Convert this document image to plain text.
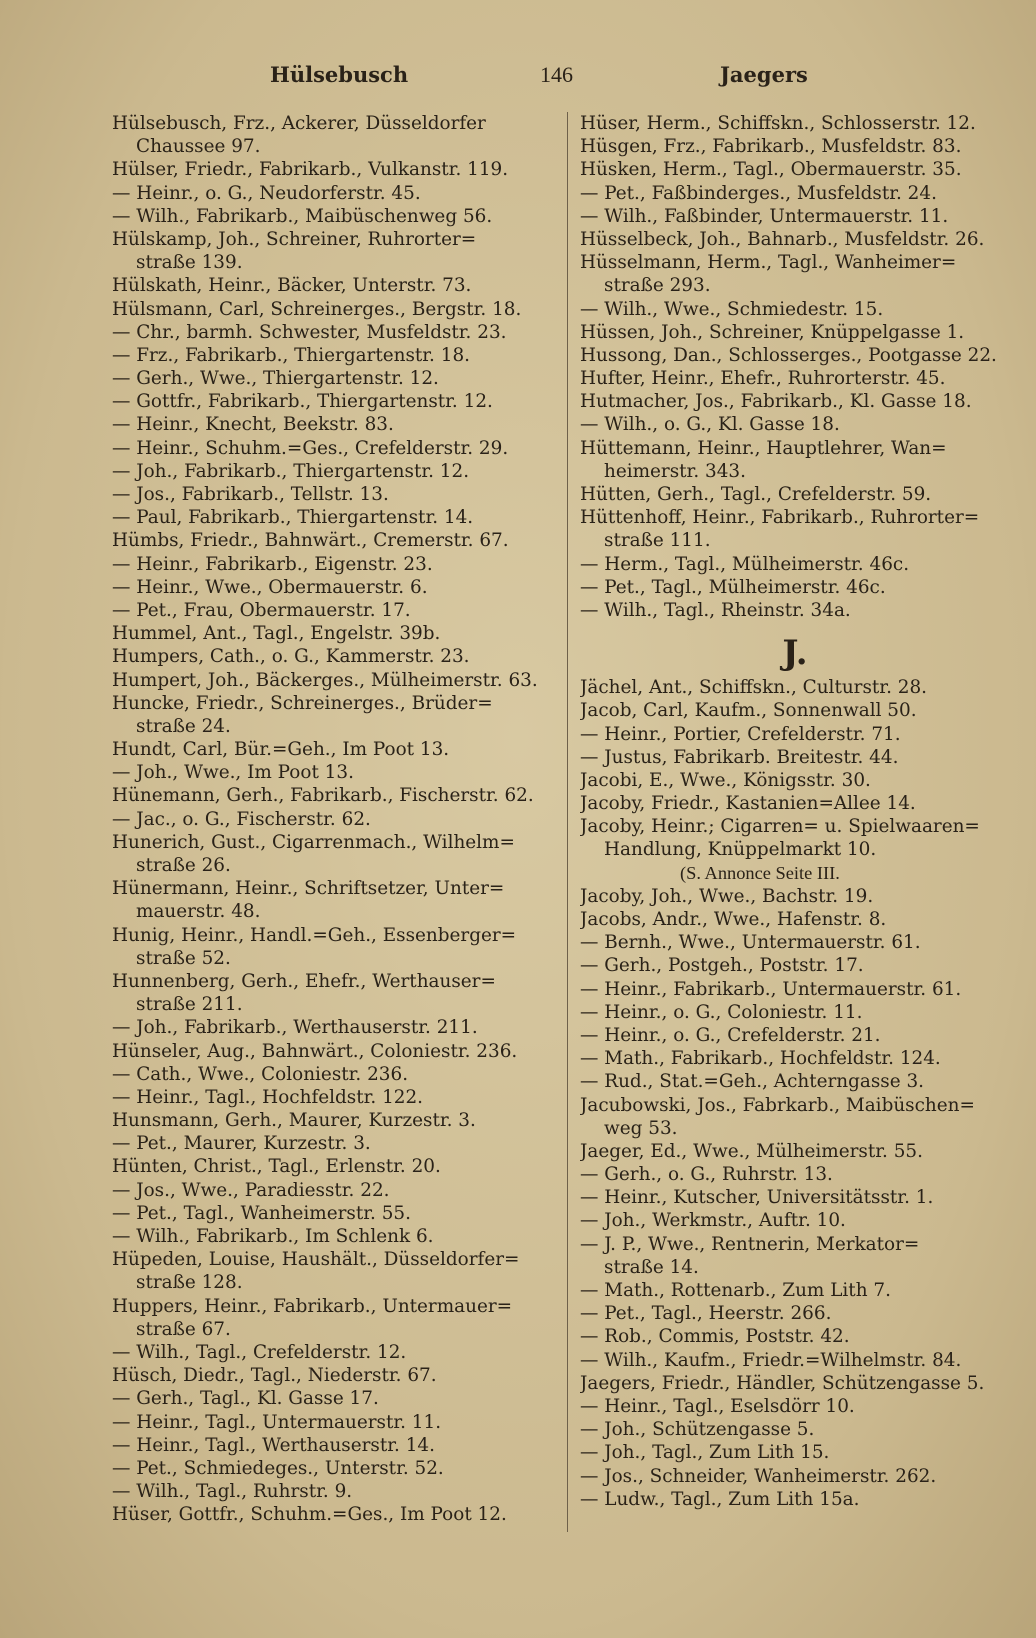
Hülsebusch	146	Jaegers
Hülsebusch, Frz., Ackerer, Düsseldorfer
Chaussee 97.
Hülser, Friedr., Fabrikarb., Vulkanstr. 119.
— Heinr., o. G., Neudorferstr. 45.
— Wilh., Fabrikarb., Maibüschenweg 56.
Hülskamp, Joh., Schreiner, Ruhrorter=
straße 139.
Hülskath, Heinr., Bäcker, Unterstr. 73.
Hülsmann, Carl, Schreinerges., Bergstr. 18.
— Chr., barmh. Schwester, Musfeldstr. 23.
— Frz., Fabrikarb., Thiergartenstr. 18.
— Gerh., Wwe., Thiergartenstr. 12.
— Gottfr., Fabrikarb., Thiergartenstr. 12.
— Heinr., Knecht, Beekstr. 83.
— Heinr., Schuhm.=Ges., Crefelderstr. 29.
— Joh., Fabrikarb., Thiergartenstr. 12.
— Jos., Fabrikarb., Tellstr. 13.
— Paul, Fabrikarb., Thiergartenstr. 14.
Hümbs, Friedr., Bahnwärt., Cremerstr. 67.
— Heinr., Fabrikarb., Eigenstr. 23.
— Heinr., Wwe., Obermauerstr. 6.
— Pet., Frau, Obermauerstr. 17.
Hummel, Ant., Tagl., Engelstr. 39b.
Humpers, Cath., o. G., Kammerstr. 23.
Humpert, Joh., Bäckerges., Mülheimerstr. 63.
Huncke, Friedr., Schreinerges., Brüder=
straße 24.
Hundt, Carl, Bür.=Geh., Im Poot 13.
— Joh., Wwe., Im Poot 13.
Hünemann, Gerh., Fabrikarb., Fischerstr. 62.
— Jac., o. G., Fischerstr. 62.
Hunerich, Gust., Cigarrenmach., Wilhelm=
straße 26.
Hünermann, Heinr., Schriftsetzer, Unter=
mauerstr. 48.
Hunig, Heinr., Handl.=Geh., Essenberger=
straße 52.
Hunnenberg, Gerh., Ehefr., Werthauser=
straße 211.
— Joh., Fabrikarb., Werthauserstr. 211.
Hünseler, Aug., Bahnwärt., Coloniestr. 236.
— Cath., Wwe., Coloniestr. 236.
— Heinr., Tagl., Hochfeldstr. 122.
Hunsmann, Gerh., Maurer, Kurzestr. 3.
— Pet., Maurer, Kurzestr. 3.
Hünten, Christ., Tagl., Erlenstr. 20.
— Jos., Wwe., Paradiesstr. 22.
— Pet., Tagl., Wanheimerstr. 55.
— Wilh., Fabrikarb., Im Schlenk 6.
Hüpeden, Louise, Haushält., Düsseldorfer=
straße 128.
Huppers, Heinr., Fabrikarb., Untermauer=
straße 67.
— Wilh., Tagl., Crefelderstr. 12.
Hüsch, Diedr., Tagl., Niederstr. 67.
— Gerh., Tagl., Kl. Gasse 17.
— Heinr., Tagl., Untermauerstr. 11.
— Heinr., Tagl., Werthauserstr. 14.
— Pet., Schmiedeges., Unterstr. 52.
— Wilh., Tagl., Ruhrstr. 9.
Hüser, Gottfr., Schuhm.=Ges., Im Poot 12.
Hüser, Herm., Schiffskn., Schlosserstr. 12.
Hüsgen, Frz., Fabrikarb., Musfeldstr. 83.
Hüsken, Herm., Tagl., Obermauerstr. 35.
— Pet., Faßbinderges., Musfeldstr. 24.
— Wilh., Faßbinder, Untermauerstr. 11.
Hüsselbeck, Joh., Bahnarb., Musfeldstr. 26.
Hüsselmann, Herm., Tagl., Wanheimer=
straße 293.
— Wilh., Wwe., Schmiedestr. 15.
Hüssen, Joh., Schreiner, Knüppelgasse 1.
Hussong, Dan., Schlosserges., Pootgasse 22.
Hufter, Heinr., Ehefr., Ruhrorterstr. 45.
Hutmacher, Jos., Fabrikarb., Kl. Gasse 18.
— Wilh., o. G., Kl. Gasse 18.
Hüttemann, Heinr., Hauptlehrer, Wan=
heimerstr. 343.
Hütten, Gerh., Tagl., Crefelderstr. 59.
Hüttenhoff, Heinr., Fabrikarb., Ruhrorter=
straße 111.
— Herm., Tagl., Mülheimerstr. 46c.
— Pet., Tagl., Mülheimerstr. 46c.
— Wilh., Tagl., Rheinstr. 34a.
J.
Jächel, Ant., Schiffskn., Culturstr. 28.
Jacob, Carl, Kaufm., Sonnenwall 50.
— Heinr., Portier, Crefelderstr. 71.
— Justus, Fabrikarb. Breitestr. 44.
Jacobi, E., Wwe., Königsstr. 30.
Jacoby, Friedr., Kastanien=Allee 14.
Jacoby, Heinr.; Cigarren= u. Spielwaaren=
Handlung, Knüppelmarkt 10.
(S. Annonce Seite III.
Jacoby, Joh., Wwe., Bachstr. 19.
Jacobs, Andr., Wwe., Hafenstr. 8.
— Bernh., Wwe., Untermauerstr. 61.
— Gerh., Postgeh., Poststr. 17.
— Heinr., Fabrikarb., Untermauerstr. 61.
— Heinr., o. G., Coloniestr. 11.
— Heinr., o. G., Crefelderstr. 21.
— Math., Fabrikarb., Hochfeldstr. 124.
— Rud., Stat.=Geh., Achterngasse 3.
Jacubowski, Jos., Fabrkarb., Maibüschen=
weg 53.
Jaeger, Ed., Wwe., Mülheimerstr. 55.
— Gerh., o. G., Ruhrstr. 13.
— Heinr., Kutscher, Universitätsstr. 1.
— Joh., Werkmstr., Auftr. 10.
— J. P., Wwe., Rentnerin, Merkator=
straße 14.
— Math., Rottenarb., Zum Lith 7.
— Pet., Tagl., Heerstr. 266.
— Rob., Commis, Poststr. 42.
— Wilh., Kaufm., Friedr.=Wilhelmstr. 84.
Jaegers, Friedr., Händler, Schützengasse 5.
— Heinr., Tagl., Eselsdörr 10.
— Joh., Schützengasse 5.
— Joh., Tagl., Zum Lith 15.
— Jos., Schneider, Wanheimerstr. 262.
— Ludw., Tagl., Zum Lith 15a.
